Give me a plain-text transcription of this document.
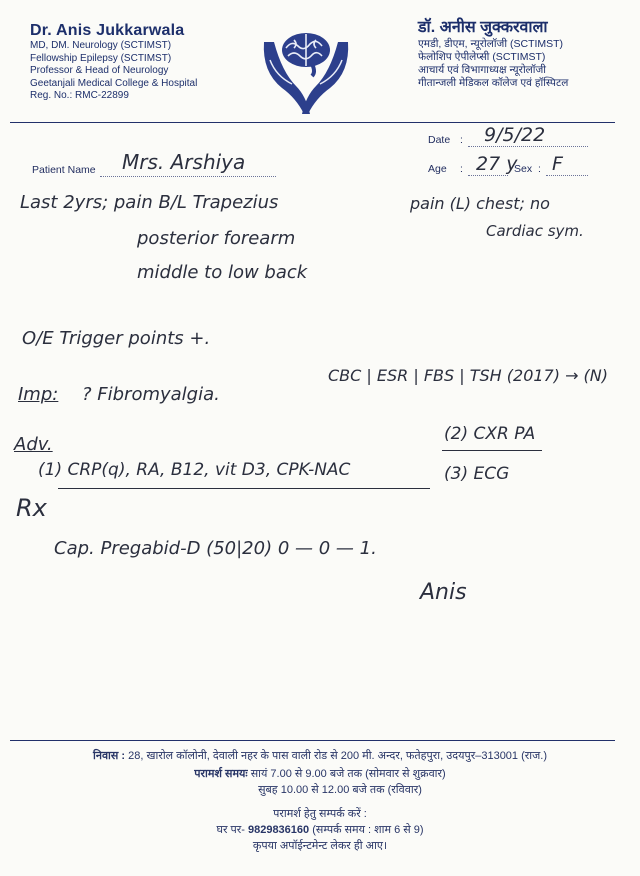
Dr. Anis Jukkarwala
MD, DM. Neurology (SCTIMST)
Fellowship Epilepsy (SCTIMST)
Professor & Head of Neurology
Geetanjali Medical College & Hospital
Reg. No.: RMC-22899
डॉ. अनीस जुक्करवाला
एमडी, डीएम, न्यूरोलॉजी (SCTIMST)
फेलोशिप ऐपीलेप्सी (SCTIMST)
आचार्य एवं विभागाध्यक्ष न्यूरोलॉजी
गीतान्जली मेडिकल कॉलेज एवं हॉस्पिटल
Date : 9/5/22
Patient Name Mrs. Arshiya	Age : 27 y
Sex : F
Last 2yrs; pain B/L Trapezius
posterior forearm
middle to low back
pain (L) chest; no
Cardiac sym.
O/E Trigger points +.
CBC | ESR | FBS | TSH (2017) → (N)
Imp: ? Fibromyalgia.
(2) CXR PA
Adv.
(1) CRP(q), RA, B12, vit D3, CPK-NAC	(3) ECG
Rx
Cap. Pregabid-D (50|20) 0 — 0 — 1.
Anis
निवास : 28, खारोल कॉलोनी, देवाली नहर के पास वाली रोड से 200 मी. अन्दर, फतेहपुरा, उदयपुर–313001 (राज.)
परामर्श समयः सायं 7.00 से 9.00 बजे तक (सोमवार से शुक्रवार)
सुबह 10.00 से 12.00 बजे तक (रविवार)
परामर्श हेतु सम्पर्क करें :
घर पर- 9829836160 (सम्पर्क समय : शाम 6 से 9)
कृपया अपॉईन्टमेन्ट लेकर ही आए।
